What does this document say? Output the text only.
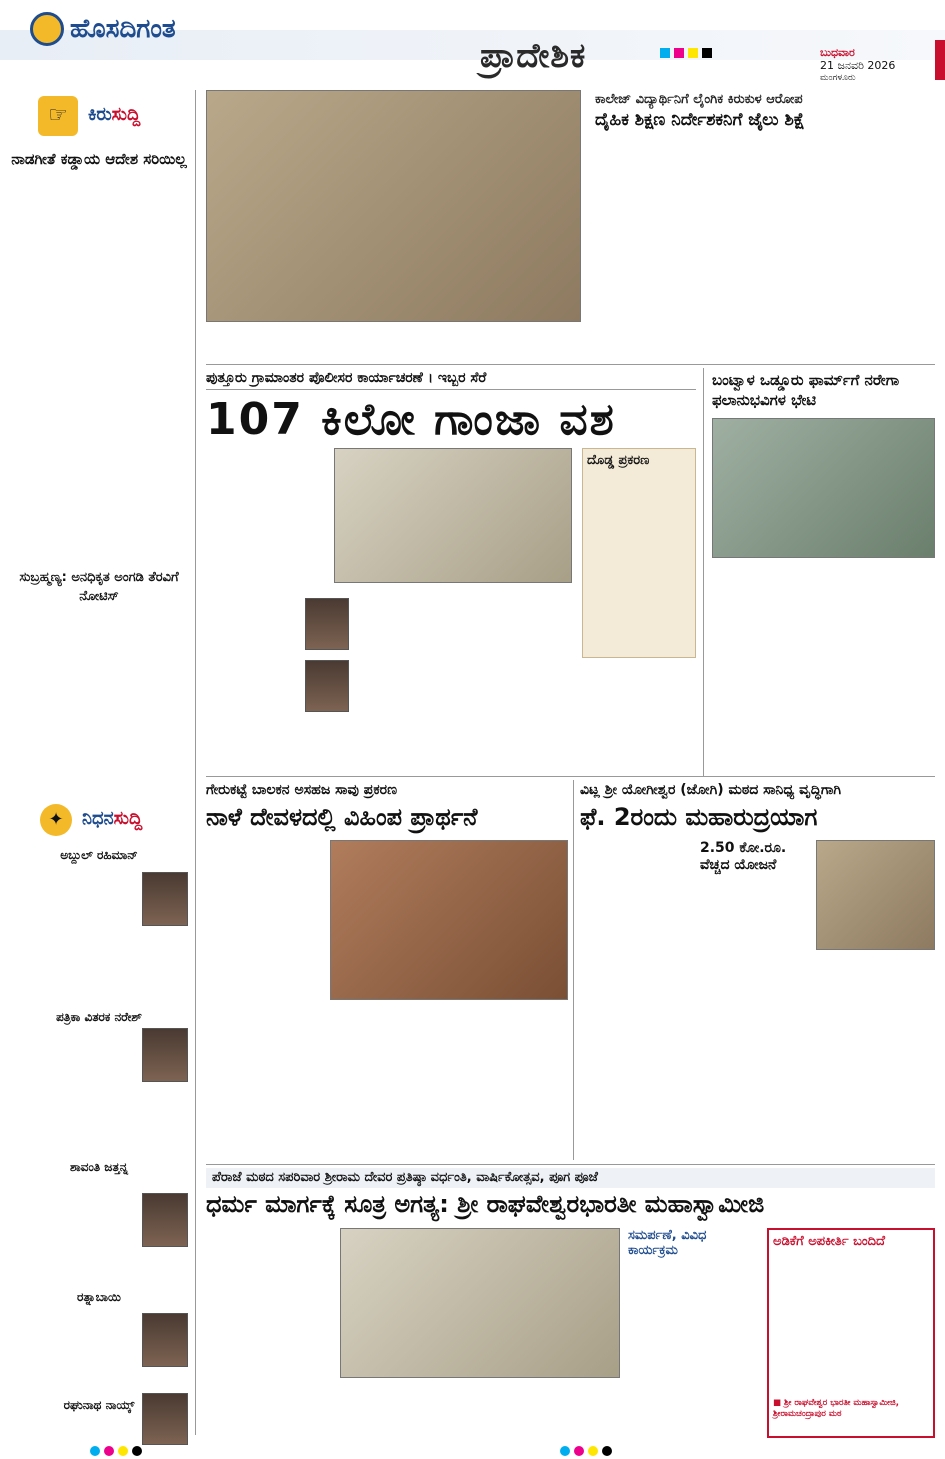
ಹೊಸದಿಗಂತ
ಪ್ರಾದೇಶಿಕ	ಬುಧವಾರ
21 ಜನವರಿ 2026
ಮಂಗಳೂರು
☞	ಕಿರುಸುದ್ದಿ
ನಾಡಗೀತೆ ಕಡ್ಡಾಯ ಆದೇಶ ಸರಿಯಿಲ್ಲ
ಸುಬ್ರಹ್ಮಣ್ಯ: ಅನಧಿಕೃತ ಅಂಗಡಿ ತೆರವಿಗೆ ನೋಟಿಸ್
✦	ನಿಧನಸುದ್ದಿ
ಅಬ್ದುಲ್ ರಹಿಮಾನ್
ಪತ್ರಿಕಾ ವಿತರಕ ನರೇಶ್
ಶಾವಂತಿ ಜತ್ತನ್ನ
ರತ್ನಾಬಾಯಿ
ರಘುನಾಥ ನಾಯ್ಕ್
ಕಾಲೇಜ್ ವಿದ್ಯಾರ್ಥಿನಿಗೆ ಲೈಂಗಿಕ ಕಿರುಕುಳ ಆರೋಪ
ದೈಹಿಕ ಶಿಕ್ಷಣ ನಿರ್ದೇಶಕನಿಗೆ ಜೈಲು ಶಿಕ್ಷೆ
ಪುತ್ತೂರು ಗ್ರಾಮಾಂತರ ಪೊಲೀಸರ ಕಾರ್ಯಾಚರಣೆ । ಇಬ್ಬರ ಸೆರೆ
107 ಕಿಲೋ ಗಾಂಜಾ ವಶ
ದೊಡ್ಡ ಪ್ರಕರಣ
ಬಂಟ್ವಾಳ ಒಡ್ಡೂರು ಫಾರ್ಮ್‌ಗೆ ನರೇಗಾ ಫಲಾನುಭವಿಗಳ ಭೇಟಿ
ಗೇರುಕಟ್ಟೆ ಬಾಲಕನ ಅಸಹಜ ಸಾವು ಪ್ರಕರಣ
ನಾಳೆ ದೇವಳದಲ್ಲಿ ವಿಹಿಂಪ ಪ್ರಾರ್ಥನೆ
ವಿಟ್ಲ ಶ್ರೀ ಯೋಗೀಶ್ವರ (ಜೋಗಿ) ಮಠದ ಸಾನಿಧ್ಯ ವೃದ್ಧಿಗಾಗಿ
ಫೆ. 2ರಂದು ಮಹಾರುದ್ರಯಾಗ
2.50 ಕೋ.ರೂ. ವೆಚ್ಚದ ಯೋಜನೆ
ಪೆರಾಜೆ ಮಠದ ಸಪರಿವಾರ ಶ್ರೀರಾಮ ದೇವರ ಪ್ರತಿಷ್ಠಾ ವರ್ಧಂತಿ, ವಾರ್ಷಿಕೋತ್ಸವ, ಪೂಗ ಪೂಜೆ
ಧರ್ಮ ಮಾರ್ಗಕ್ಕೆ ಸೂತ್ರ ಅಗತ್ಯ: ಶ್ರೀ ರಾಘವೇಶ್ವರಭಾರತೀ ಮಹಾಸ್ವಾಮೀಜಿ
ಸಮರ್ಪಣೆ, ವಿವಿಧ ಕಾರ್ಯಕ್ರಮ
ಅಡಿಕೆಗೆ ಅಪಕೀರ್ತಿ ಬಂದಿದೆ
■ ಶ್ರೀ ರಾಘವೇಶ್ವರ ಭಾರತೀ ಮಹಾಸ್ವಾಮೀಜಿ, ಶ್ರೀರಾಮಚಂದ್ರಾಪುರ ಮಠ
